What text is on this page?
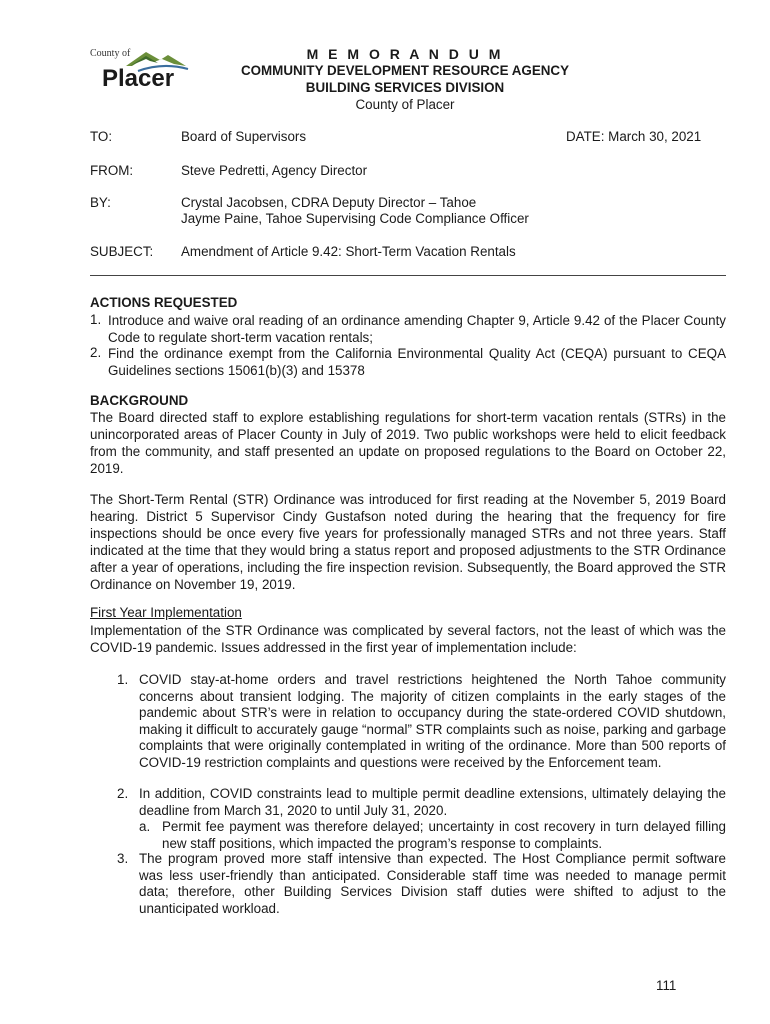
County of
Placer
M E M O R A N D U M
COMMUNITY DEVELOPMENT RESOURCE AGENCY
BUILDING SERVICES DIVISION
County of Placer
TO:	Board of Supervisors	DATE: March 30, 2021
FROM:	Steve Pedretti, Agency Director
BY:	Crystal Jacobsen, CDRA Deputy Director – Tahoe
Jayme Paine, Tahoe Supervising Code Compliance Officer
SUBJECT: Amendment of Article 9.42: Short-Term Vacation Rentals
ACTIONS REQUESTED
1. Introduce and waive oral reading of an ordinance amending Chapter 9, Article 9.42 of the Placer County Code to regulate short-term vacation rentals;

2. Find the ordinance exempt from the California Environmental Quality Act (CEQA) pursuant to CEQA Guidelines sections 15061(b)(3) and 15378

BACKGROUND

The Board directed staff to explore establishing regulations for short-term vacation rentals (STRs) in the unincorporated areas of Placer County in July of 2019. Two public workshops were held to elicit feedback from the community, and staff presented an update on proposed regulations to the Board on October 22, 2019.

The Short-Term Rental (STR) Ordinance was introduced for first reading at the November 5, 2019 Board hearing. District 5 Supervisor Cindy Gustafson noted during the hearing that the frequency for fire inspections should be once every five years for professionally managed STRs and not three years. Staff indicated at the time that they would bring a status report and proposed adjustments to the STR Ordinance after a year of operations, including the fire inspection revision. Subsequently, the Board approved the STR Ordinance on November 19, 2019.

First Year Implementation

Implementation of the STR Ordinance was complicated by several factors, not the least of which was the COVID-19 pandemic. Issues addressed in the first year of implementation include:

1. COVID stay-at-home orders and travel restrictions heightened the North Tahoe community concerns about transient lodging. The majority of citizen complaints in the early stages of the pandemic about STR’s were in relation to occupancy during the state-ordered COVID shutdown, making it difficult to accurately gauge “normal” STR complaints such as noise, parking and garbage complaints that were originally contemplated in writing of the ordinance. More than 500 reports of COVID-19 restriction complaints and questions were received by the Enforcement team.

2. In addition, COVID constraints lead to multiple permit deadline extensions, ultimately delaying the deadline from March 31, 2020 to until July 31, 2020.

a. Permit fee payment was therefore delayed; uncertainty in cost recovery in turn delayed filling new staff positions, which impacted the program’s response to complaints.

3. The program proved more staff intensive than expected. The Host Compliance permit software was less user-friendly than anticipated. Considerable staff time was needed to manage permit data; therefore, other Building Services Division staff duties were shifted to adjust to the unanticipated workload.

111
